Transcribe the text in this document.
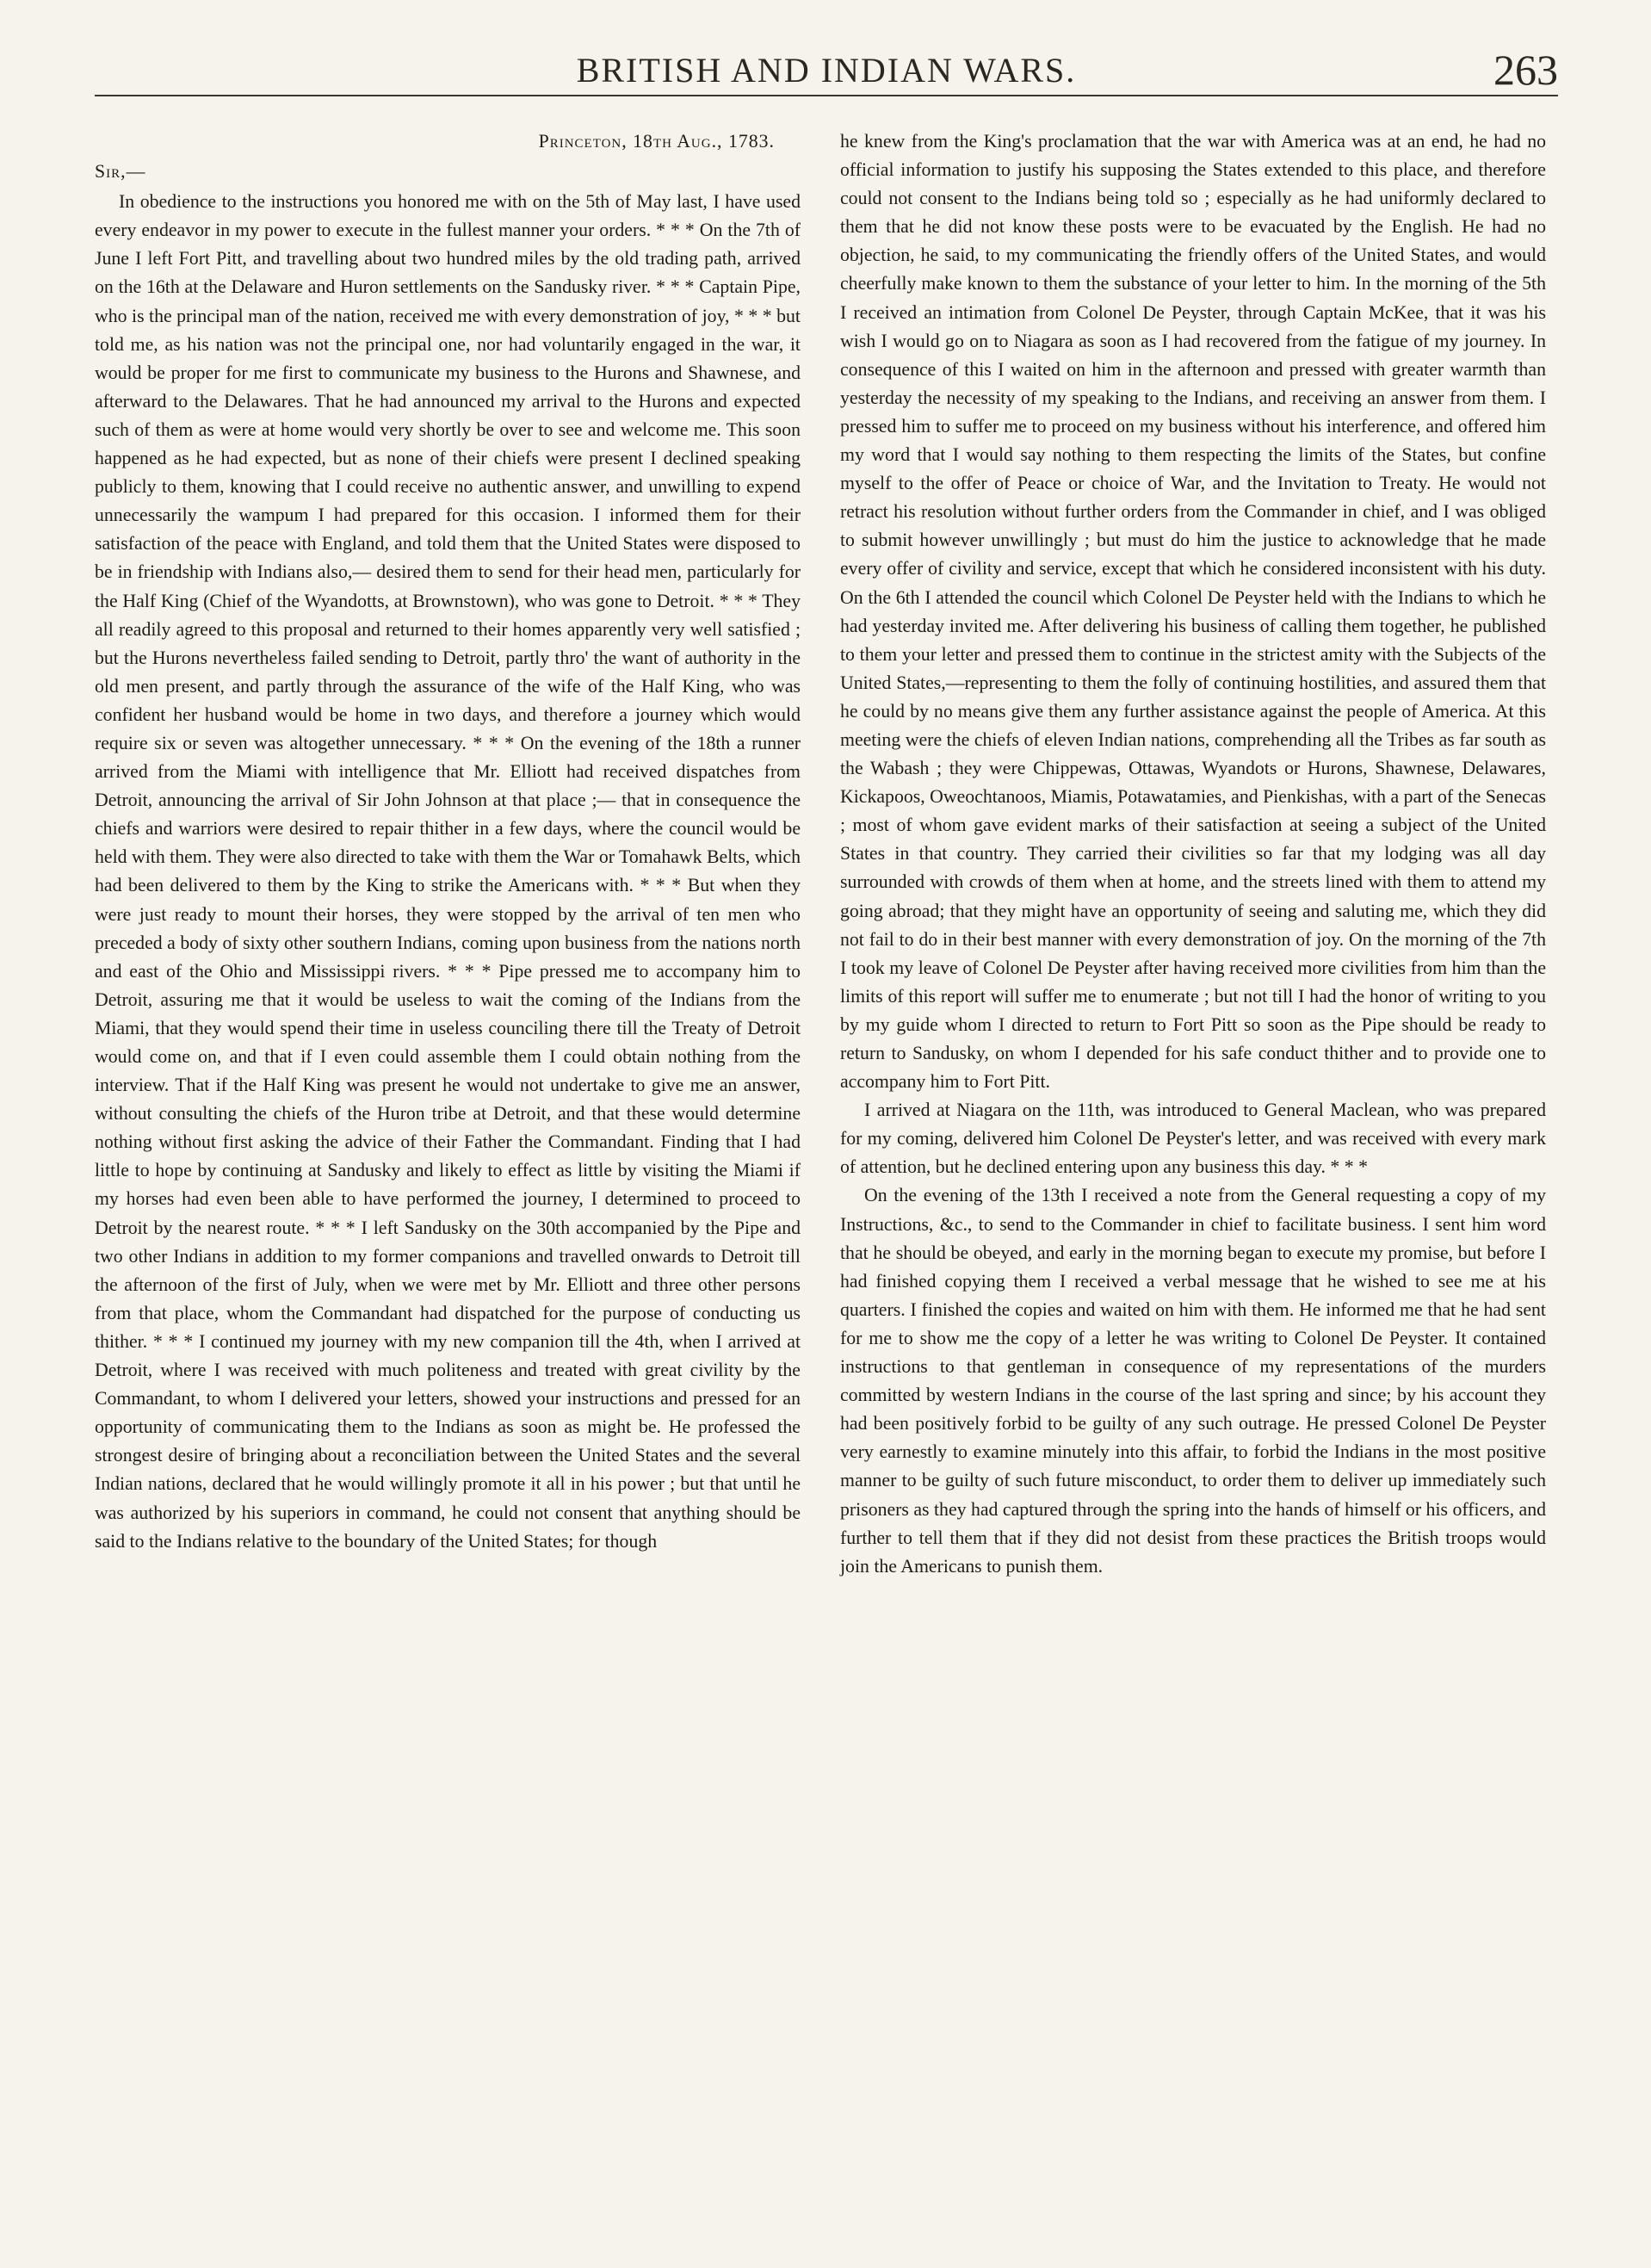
BRITISH AND INDIAN WARS.	263
Princeton, 18th Aug., 1783.
Sir,—

In obedience to the instructions you honored me with on the 5th of May last, I have used every endeavor in my power to execute in the fullest manner your orders. * * * On the 7th of June I left Fort Pitt, and travelling about two hundred miles by the old trading path, arrived on the 16th at the Delaware and Huron settlements on the Sandusky river. * * * Captain Pipe, who is the principal man of the nation, received me with every demonstration of joy, * * * but told me, as his nation was not the principal one, nor had voluntarily engaged in the war, it would be proper for me first to communicate my business to the Hurons and Shawnese, and afterward to the Delawares. That he had announced my arrival to the Hurons and expected such of them as were at home would very shortly be over to see and welcome me. This soon happened as he had expected, but as none of their chiefs were present I declined speaking publicly to them, knowing that I could receive no authentic answer, and unwilling to expend unnecessarily the wampum I had prepared for this occasion. I informed them for their satisfaction of the peace with England, and told them that the United States were disposed to be in friendship with Indians also,— desired them to send for their head men, particularly for the Half King (Chief of the Wyandotts, at Brownstown), who was gone to Detroit. * * * They all readily agreed to this proposal and returned to their homes apparently very well satisfied ; but the Hurons nevertheless failed sending to Detroit, partly thro' the want of authority in the old men present, and partly through the assurance of the wife of the Half King, who was confident her husband would be home in two days, and therefore a journey which would require six or seven was altogether unnecessary. * * * On the evening of the 18th a runner arrived from the Miami with intelligence that Mr. Elliott had received dispatches from Detroit, announcing the arrival of Sir John Johnson at that place ;— that in consequence the chiefs and warriors were desired to repair thither in a few days, where the council would be held with them. They were also directed to take with them the War or Tomahawk Belts, which had been delivered to them by the King to strike the Americans with. * * * But when they were just ready to mount their horses, they were stopped by the arrival of ten men who preceded a body of sixty other southern Indians, coming upon business from the nations north and east of the Ohio and Mississippi rivers. * * * Pipe pressed me to accompany him to Detroit, assuring me that it would be useless to wait the coming of the Indians from the Miami, that they would spend their time in useless counciling there till the Treaty of Detroit would come on, and that if I even could assemble them I could obtain nothing from the interview. That if the Half King was present he would not undertake to give me an answer, without consulting the chiefs of the Huron tribe at Detroit, and that these would determine nothing without first asking the advice of their Father the Commandant. Finding that I had little to hope by continuing at Sandusky and likely to effect as little by visiting the Miami if my horses had even been able to have performed the journey, I determined to proceed to Detroit by the nearest route. * * * I left Sandusky on the 30th accompanied by the Pipe and two other Indians in addition to my former companions and travelled onwards to Detroit till the afternoon of the first of July, when we were met by Mr. Elliott and three other persons from that place, whom the Commandant had dispatched for the purpose of conducting us thither. * * * I continued my journey with my new companion till the 4th, when I arrived at Detroit, where I was received with much politeness and treated with great civility by the Commandant, to whom I delivered your letters, showed your instructions and pressed for an opportunity of communicating them to the Indians as soon as might be. He professed the strongest desire of bringing about a reconciliation between the United States and the several Indian nations, declared that he would willingly promote it all in his power ; but that until he was authorized by his superiors in command, he could not consent that anything should be said to the Indians relative to the boundary of the United States; for though

he knew from the King's proclamation that the war with America was at an end, he had no official information to justify his supposing the States extended to this place, and therefore could not consent to the Indians being told so ; especially as he had uniformly declared to them that he did not know these posts were to be evacuated by the English. He had no objection, he said, to my communicating the friendly offers of the United States, and would cheerfully make known to them the substance of your letter to him. In the morning of the 5th I received an intimation from Colonel De Peyster, through Captain McKee, that it was his wish I would go on to Niagara as soon as I had recovered from the fatigue of my journey. In consequence of this I waited on him in the afternoon and pressed with greater warmth than yesterday the necessity of my speaking to the Indians, and receiving an answer from them. I pressed him to suffer me to proceed on my business without his interference, and offered him my word that I would say nothing to them respecting the limits of the States, but confine myself to the offer of Peace or choice of War, and the Invitation to Treaty. He would not retract his resolution without further orders from the Commander in chief, and I was obliged to submit however unwillingly ; but must do him the justice to acknowledge that he made every offer of civility and service, except that which he considered inconsistent with his duty. On the 6th I attended the council which Colonel De Peyster held with the Indians to which he had yesterday invited me. After delivering his business of calling them together, he published to them your letter and pressed them to continue in the strictest amity with the Subjects of the United States,—representing to them the folly of continuing hostilities, and assured them that he could by no means give them any further assistance against the people of America. At this meeting were the chiefs of eleven Indian nations, comprehending all the Tribes as far south as the Wabash ; they were Chippewas, Ottawas, Wyandots or Hurons, Shawnese, Delawares, Kickapoos, Oweochtanoos, Miamis, Potawatamies, and Pienkishas, with a part of the Senecas ; most of whom gave evident marks of their satisfaction at seeing a subject of the United States in that country. They carried their civilities so far that my lodging was all day surrounded with crowds of them when at home, and the streets lined with them to attend my going abroad; that they might have an opportunity of seeing and saluting me, which they did not fail to do in their best manner with every demonstration of joy. On the morning of the 7th I took my leave of Colonel De Peyster after having received more civilities from him than the limits of this report will suffer me to enumerate ; but not till I had the honor of writing to you by my guide whom I directed to return to Fort Pitt so soon as the Pipe should be ready to return to Sandusky, on whom I depended for his safe conduct thither and to provide one to accompany him to Fort Pitt.

I arrived at Niagara on the 11th, was introduced to General Maclean, who was prepared for my coming, delivered him Colonel De Peyster's letter, and was received with every mark of attention, but he declined entering upon any business this day. * * *

On the evening of the 13th I received a note from the General requesting a copy of my Instructions, &c., to send to the Commander in chief to facilitate business. I sent him word that he should be obeyed, and early in the morning began to execute my promise, but before I had finished copying them I received a verbal message that he wished to see me at his quarters. I finished the copies and waited on him with them. He informed me that he had sent for me to show me the copy of a letter he was writing to Colonel De Peyster. It contained instructions to that gentleman in consequence of my representations of the murders committed by western Indians in the course of the last spring and since; by his account they had been positively forbid to be guilty of any such outrage. He pressed Colonel De Peyster very earnestly to examine minutely into this affair, to forbid the Indians in the most positive manner to be guilty of such future misconduct, to order them to deliver up immediately such prisoners as they had captured through the spring into the hands of himself or his officers, and further to tell them that if they did not desist from these practices the British troops would join the Americans to punish them.
